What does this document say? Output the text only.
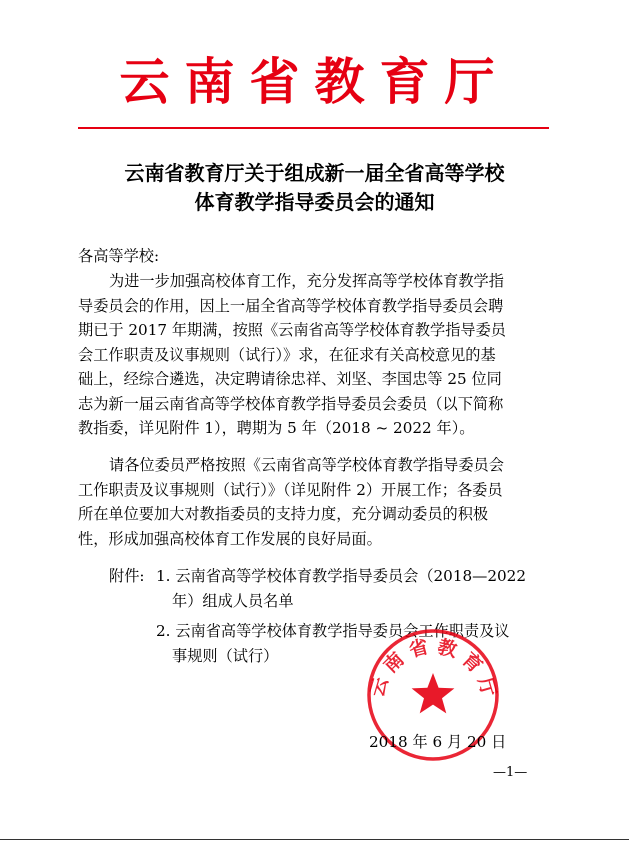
云南省教育厅
云南省教育厅关于组成新一届全省高等学校
体育教学指导委员会的通知
各高等学校:
为进一步加强高校体育工作，充分发挥高等学校体育教学指
导委员会的作用，因上一届全省高等学校体育教学指导委员会聘
期已于 2017 年期满，按照《云南省高等学校体育教学指导委员
会工作职责及议事规则（试行）》求，在征求有关高校意见的基
础上，经综合遴选，决定聘请徐忠祥、刘坚、李国忠等 25 位同
志为新一届云南省高等学校体育教学指导委员会委员（以下简称
教指委，详见附件 1），聘期为 5 年（2018 ~ 2022 年）。
请各位委员严格按照《云南省高等学校体育教学指导委员会
工作职责及议事规则（试行）》（详见附件 2）开展工作；各委员
所在单位要加大对教指委员的支持力度，充分调动委员的积极
性，形成加强高校体育工作发展的良好局面。
附件: 1. 云南省高等学校体育教学指导委员会（2018—2022
年）组成人员名单
2. 云南省高等学校体育教学指导委员会工作职责及议
事规则（试行）
云 南 省 教 育 厅
2018 年 6 月 20 日
—1—
